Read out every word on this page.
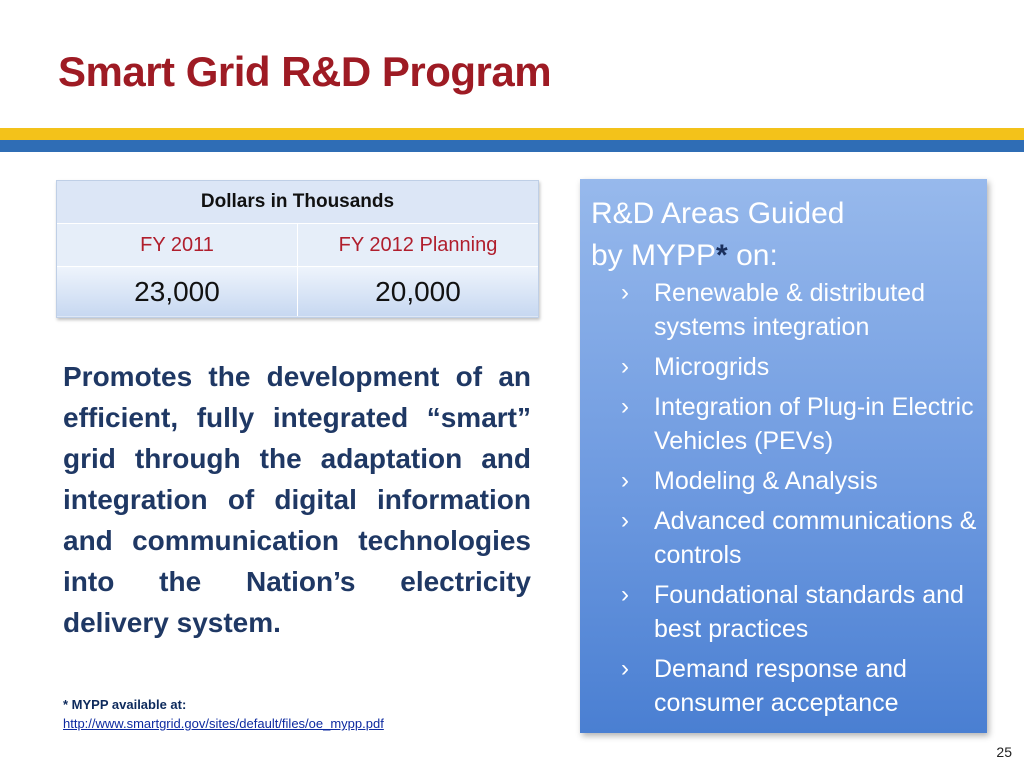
Smart Grid R&D Program
Dollars in Thousands
FY 2011	FY 2012 Planning
23,000	20,000

Promotes the development of an efficient, fully integrated “smart” grid through the adaptation and integration of digital information and communication technologies into the Nation’s electricity delivery system.

* MYPP available at:
http://www.smartgrid.gov/sites/default/files/oe_mypp.pdf
R&D Areas Guided
by MYPP* on:
› Renewable & distributed systems integration
› Microgrids
› Integration of Plug-in Electric Vehicles (PEVs)
› Modeling & Analysis
› Advanced communications & controls
› Foundational standards and best practices
› Demand response and consumer acceptance
25
